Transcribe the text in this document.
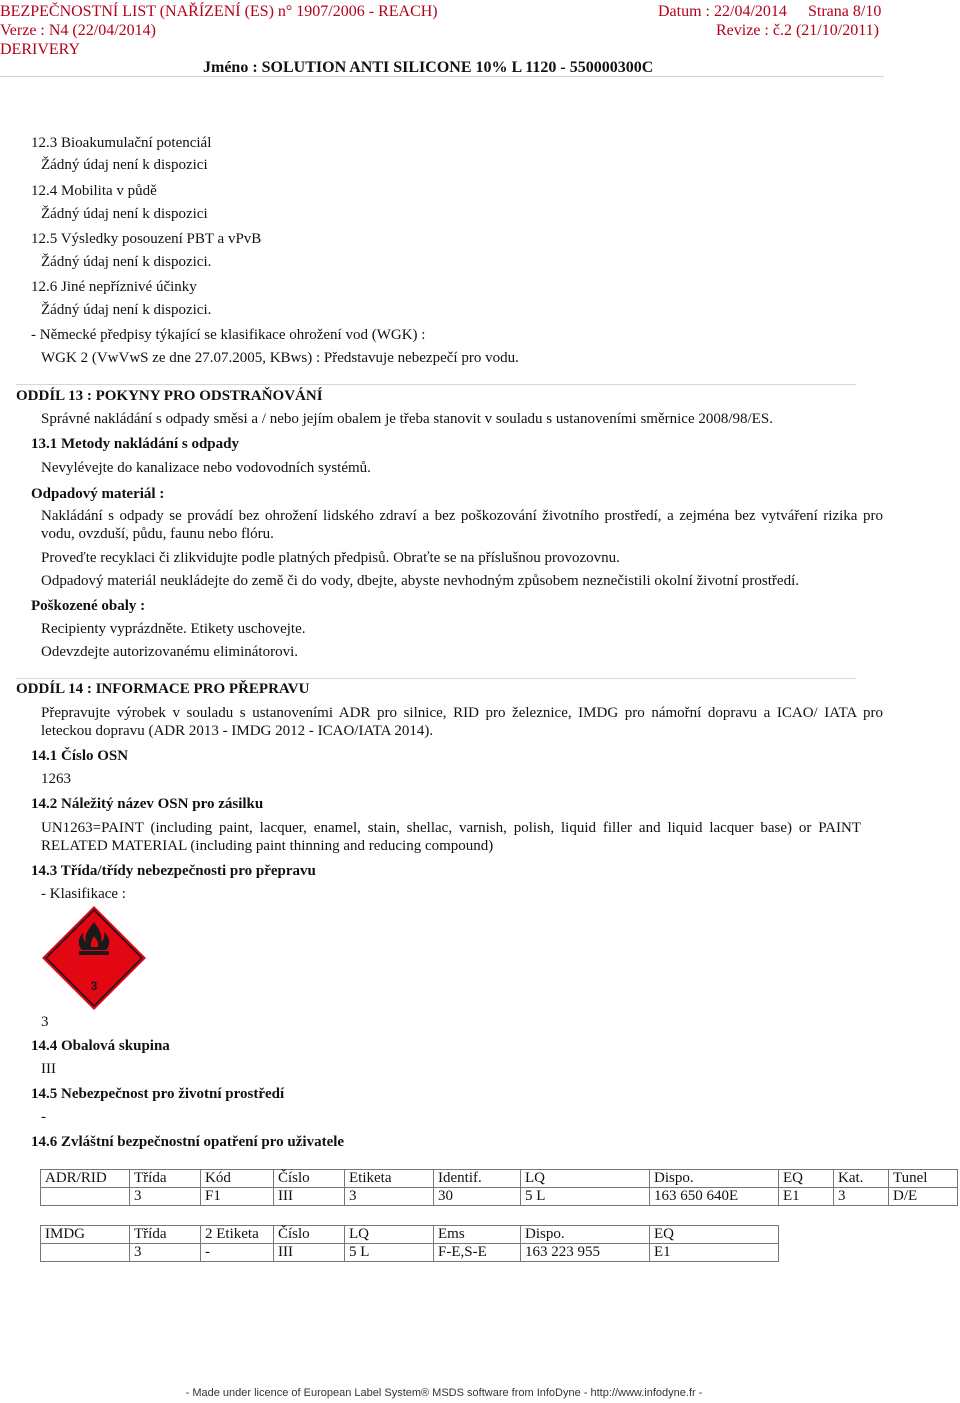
BEZPEČNOSTNÍ LIST (NAŘÍZENÍ (ES) n° 1907/2006 - REACH)	Datum : 22/04/2014 Strana 8/10
Verze : N4 (22/04/2014)	Revize : č.2 (21/10/2011)
DERIVERY
Jméno : SOLUTION ANTI SILICONE 10% L 1120 - 550000300C
12.3 Bioakumulační potenciál
Žádný údaj není k dispozici
12.4 Mobilita v půdě
Žádný údaj není k dispozici
12.5 Výsledky posouzení PBT a vPvB
Žádný údaj není k dispozici.
12.6 Jiné nepříznivé účinky
Žádný údaj není k dispozici.
- Německé předpisy týkající se klasifikace ohrožení vod (WGK) :
WGK 2 (VwVwS ze dne 27.07.2005, KBws) : Představuje nebezpečí pro vodu.
ODDÍL 13 : POKYNY PRO ODSTRAŇOVÁNÍ
Správné nakládání s odpady směsi a / nebo jejím obalem je třeba stanovit v souladu s ustanoveními směrnice 2008/98/ES.
13.1 Metody nakládání s odpady
Nevylévejte do kanalizace nebo vodovodních systémů.
Odpadový materiál :
Nakládání s odpady se provádí bez ohrožení lidského zdraví a bez poškozování životního prostředí, a zejména bez vytváření rizika pro vodu, ovzduší, půdu, faunu nebo flóru.
Proveďte recyklaci či zlikvidujte podle platných předpisů. Obraťte se na příslušnou provozovnu.
Odpadový materiál neukládejte do země či do vody, dbejte, abyste nevhodným způsobem neznečistili okolní životní prostředí.
Poškozené obaly :
Recipienty vyprázdněte. Etikety uschovejte.
Odevzdejte autorizovanému eliminátorovi.
ODDÍL 14 : INFORMACE PRO PŘEPRAVU
Přepravujte výrobek v souladu s ustanoveními ADR pro silnice, RID pro železnice, IMDG pro námořní dopravu a ICAO/ IATA pro leteckou dopravu (ADR 2013 - IMDG 2012 - ICAO/IATA 2014).
14.1 Číslo OSN
1263
14.2 Náležitý název OSN pro zásilku
UN1263=PAINT (including paint, lacquer, enamel, stain, shellac, varnish, polish, liquid filler and liquid lacquer base) or PAINT RELATED MATERIAL (including paint thinning and reducing compound)
14.3 Třída/třídy nebezpečnosti pro přepravu
- Klasifikace :
3
3
14.4 Obalová skupina
III
14.5 Nebezpečnost pro životní prostředí
-
14.6 Zvláštní bezpečnostní opatření pro uživatele
ADR/RID	Třída	Kód	Číslo	Etiketa	Identif.	LQ	Dispo.	EQ	Kat.	Tunel
	3	F1	III	3	30	5 L	163 650 640E	E1	3	D/E
IMDG	Třída	2 Etiketa	Číslo	LQ	Ems	Dispo.	EQ
	3	-	III	5 L	F-E,S-E	163 223 955	E1
- Made under licence of European Label System® MSDS software from InfoDyne - http://www.infodyne.fr -
